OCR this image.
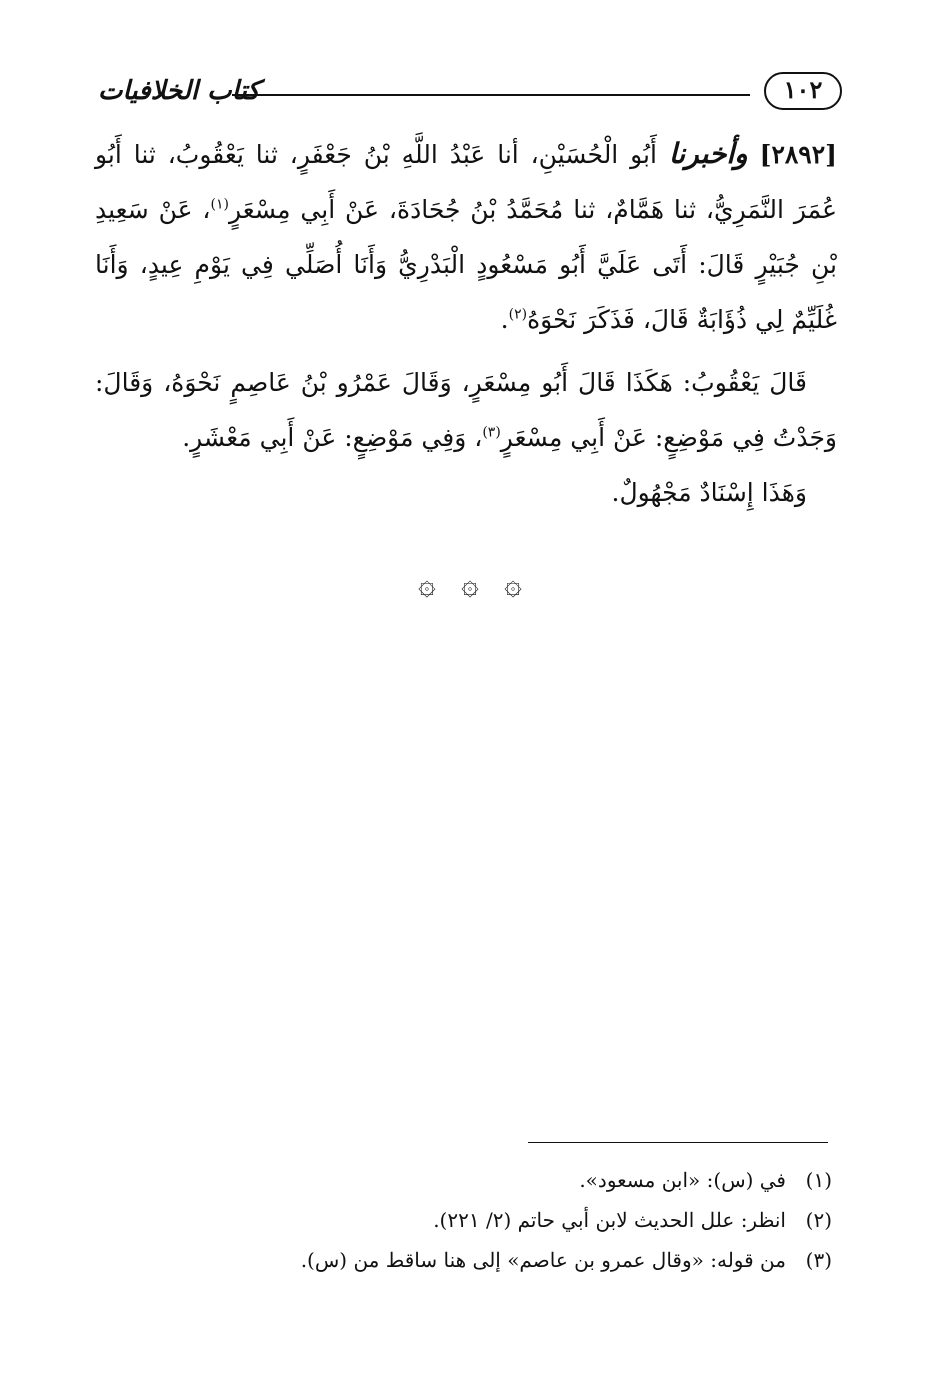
كتاب الخلافيات	١٠٢

[٢٨٩٢] وأخبرنا أَبُو الْحُسَيْنِ، أنا عَبْدُ اللَّهِ بْنُ جَعْفَرٍ، ثنا يَعْقُوبُ، ثنا أَبُو عُمَرَ النَّمَرِيُّ، ثنا هَمَّامٌ، ثنا مُحَمَّدُ بْنُ جُحَادَةَ، عَنْ أَبِي مِسْعَرٍ$^{(١)}$، عَنْ سَعِيدِ بْنِ جُبَيْرٍ قَالَ: أَتَى عَلَيَّ أَبُو مَسْعُودٍ الْبَدْرِيُّ وَأَنَا أُصَلِّي فِي يَوْمِ عِيدٍ، وَأَنَا غُلَيِّمٌ لِي ذُؤَابَةٌ قَالَ، فَذَكَرَ نَحْوَهُ$^{(٢)}$.

قَالَ يَعْقُوبُ: هَكَذَا قَالَ أَبُو مِسْعَرٍ، وَقَالَ عَمْرُو بْنُ عَاصِمٍ نَحْوَهُ، وَقَالَ: وَجَدْتُ فِي مَوْضِعٍ: عَنْ أَبِي مِسْعَرٍ$^{(٣)}$، وَفِي مَوْضِعٍ: عَنْ أَبِي مَعْشَرٍ.

وَهَذَا إِسْنَادٌ مَجْهُولٌ.

۞ ۞ ۞
(١)
في (س): «ابن مسعود».
(٢)
انظر: علل الحديث لابن أبي حاتم (٢/ ٢٢١).
(٣)
من قوله: «وقال عمرو بن عاصم» إلى هنا ساقط من (س).
